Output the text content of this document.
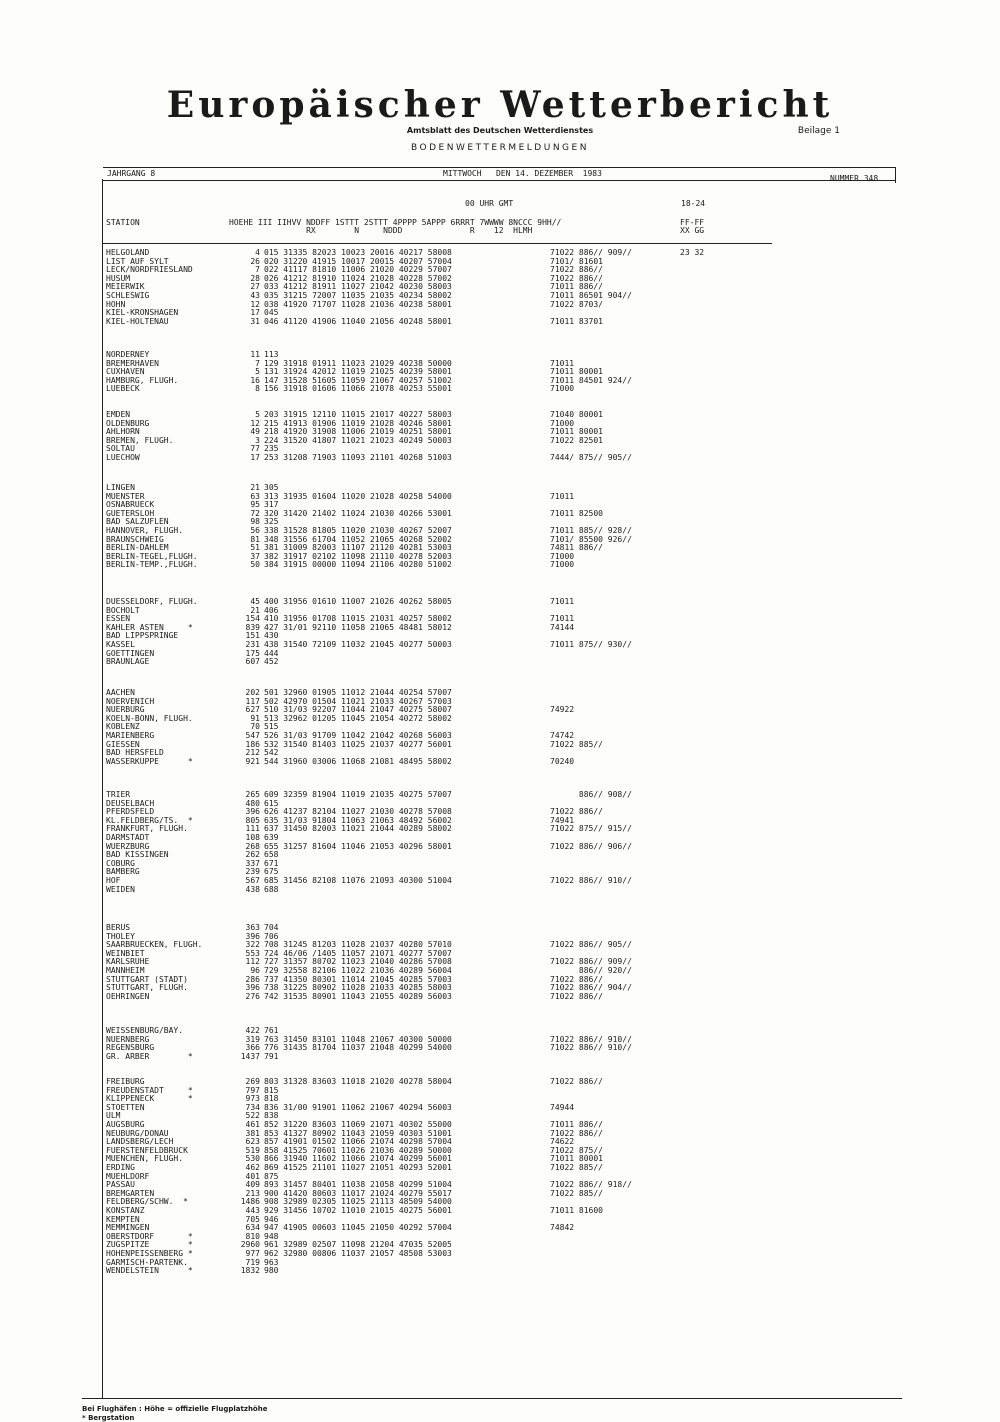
Europäischer Wetterbericht
Amtsblatt des Deutschen Wetterdienstes	Beilage 1
BODENWETTERMELDUNGEN
JAHRGANG 8	MITTWOCH   DEN 14. DEZEMBER  1983
NUMMER 348
00 UHR GMT	18-24
STATION	HOEHE III IIHVV NDDFF 1STTT 2STTT 4PPPP 5APPP 6RRRT 7WWWW 8NCCC 9HH//
RX        N     NDDD              R    12  HLMH
FF-FF
XX GG
HELGOLAND	4 015 31335 82023 10023 20016 40217 58008	71022 886// 909//	23 32
LIST AUF SYLT	26 020 31220 41915 10017 20015 40207 57004	7101/ 81601
LECK/NORDFRIESLAND	7 022 41117 81810 11006 21020 40229 57007	71022 886//
HUSUM	28 026 41212 81910 11024 21028 40228 57002	71022 886//
MEIERWIK	27 033 41212 81911 11027 21042 40230 58003	71011 886//
SCHLESWIG	43 035 31215 72007 11035 21035 40234 58002	71011 86501 904//
HOHN	12 038 41920 71707 11028 21036 40238 58001	71022 8703/
KIEL-KRONSHAGEN	17 045
KIEL-HOLTENAU	31 046 41120 41906 11040 21056 40248 58001	71011 83701
NORDERNEY	11 113
BREMERHAVEN	7 129 31918 01911 11023 21029 40238 50000	71011
CUXHAVEN	5 131 31924 42012 11019 21025 40239 58001	71011 80001
HAMBURG, FLUGH.	16 147 31528 51605 11059 21067 40257 51002	71011 84501 924//
LUEBECK	8 156 31918 01606 11066 21078 40253 55001	71000
EMDEN	5 203 31915 12110 11015 21017 40227 58003	71040 80001
OLDENBURG	12 215 41913 01906 11019 21028 40246 58001	71000
AHLHORN	49 218 41920 31908 11006 21019 40251 58001	71011 80001
BREMEN, FLUGH.	3 224 31520 41807 11021 21023 40249 50003	71022 82501
SOLTAU	77 235
LUECHOW	17 253 31208 71903 11093 21101 40268 51003	7444/ 875// 905//
LINGEN	21 305
MUENSTER	63 313 31935 01604 11020 21028 40258 54000	71011
OSNABRUECK	95 317
GUETERSLOH	72 320 31420 21402 11024 21030 40266 53001	71011 82500
BAD SALZUFLEN	98 325
HANNOVER, FLUGH.	56 338 31528 81805 11020 21030 40267 52007	71011 885// 928//
BRAUNSCHWEIG	81 348 31556 61704 11052 21065 40268 52002	7101/ 85500 926//
BERLIN-DAHLEM	51 381 31009 82003 11107 21120 40281 53003	74811 886//
BERLIN-TEGEL,FLUGH.	37 382 31917 02102 11098 21110 40278 52003	71000
BERLIN-TEMP.,FLUGH.	50 384 31915 00000 11094 21106 40280 51002	71000
DUESSELDORF, FLUGH.	45 400 31956 01610 11007 21026 40262 58005	71011
BOCHOLT	21 406
ESSEN	154 410 31956 01708 11015 21031 40257 58002	71011
KAHLER ASTEN     *	839 427 31/01 92110 11058 21065 48481 58012	74144
BAD LIPPSPRINGE	151 430
KASSEL	231 438 31540 72109 11032 21045 40277 50003	71011 875// 930//
GOETTINGEN	175 444
BRAUNLAGE	607 452
AACHEN	202 501 32960 01905 11012 21044 40254 57007
NOERVENICH	117 502 42970 01504 11021 21033 40267 57003
NUERBURG	627 510 31/03 92207 11044 21047 40275 58007	74922
KOELN-BONN, FLUGH.	91 513 32962 01205 11045 21054 40272 58002
KOBLENZ	70 515
MARIENBERG	547 526 31/03 91709 11042 21042 40268 56003	74742
GIESSEN	186 532 31540 81403 11025 21037 40277 56001	71022 885//
BAD HERSFELD	212 542
WASSERKUPPE      *	921 544 31960 03006 11068 21081 48495 58002	70240
TRIER	265 609 32359 81904 11019 21035 40275 57007	886// 908//
DEUSELBACH	480 615
PFERDSFELD	396 626 41237 82104 11027 21030 40278 57008	71022 886//
KL.FELDBERG/TS.  *	805 635 31/03 91804 11063 21063 48492 56002	74941
FRANKFURT, FLUGH.	111 637 31450 82003 11021 21044 40289 58002	71022 875// 915//
DARMSTADT	108 639
WUERZBURG	268 655 31257 81604 11046 21053 40296 58001	71022 886// 906//
BAD KISSINGEN	262 658
COBURG	337 671
BAMBERG	239 675
HOF	567 685 31456 82108 11076 21093 40300 51004	71022 886// 910//
WEIDEN	438 688
BERUS	363 704
THOLEY	396 706
SAARBRUECKEN, FLUGH.	322 708 31245 81203 11028 21037 40280 57010	71022 886// 905//
WEINBIET	553 724 46/06 /1405 11057 21071 40277 57007
KARLSRUHE	112 727 31357 80702 11023 21040 40286 57008	71022 886// 909//
MANNHEIM	96 729 32558 82106 11022 21036 40289 56004	886// 920//
STUTTGART (STADT)	286 737 41350 80301 11014 21045 40285 57003	71022 886//
STUTTGART, FLUGH.	396 738 31225 80902 11028 21033 40285 58003	71022 886// 904//
OEHRINGEN	276 742 31535 80901 11043 21055 40289 56003	71022 886//
WEISSENBURG/BAY.	422 761
NUERNBERG	319 763 31450 83101 11048 21067 40300 50000	71022 886// 910//
REGENSBURG	366 776 31435 81704 11037 21048 40299 54000	71022 886// 910//
GR. ARBER        *	1437 791
FREIBURG	269 803 31328 83603 11018 21020 40278 58004	71022 886//
FREUDENSTADT     *	797 815
KLIPPENECK       *	973 818
STOETTEN	734 836 31/00 91901 11062 21067 40294 56003	74944
ULM	522 838
AUGSBURG	461 852 31220 83603 11069 21071 40302 55000	71011 886//
NEUBURG/DONAU	381 853 41327 80902 11043 21059 40303 51001	71022 886//
LANDSBERG/LECH	623 857 41901 01502 11066 21074 40298 57004	74622
FUERSTENFELDBRUCK	519 858 41525 70601 11026 21036 40289 50000	71022 875//
MUENCHEN, FLUGH.	530 866 31940 11602 11066 21074 40299 56001	71011 80001
ERDING	462 869 41525 21101 11027 21051 40293 52001	71022 885//
MUEHLDORF	401 875
PASSAU	409 893 31457 80401 11038 21058 40299 51004	71022 886// 918//
BREMGARTEN	213 900 41420 80603 11017 21024 40279 55017	71022 885//
FELDBERG/SCHW.  *	1486 908 32989 02305 11025 21113 48509 54000
KONSTANZ	443 929 31456 10702 11010 21015 40275 56001	71011 81600
KEMPTEN	705 946
MEMMINGEN	634 947 41905 00603 11045 21050 40292 57004	74842
OBERSTDORF       *	810 948
ZUGSPITZE        *	2960 961 32989 02507 11098 21204 47035 52005
HOHENPEISSENBERG *	977 962 32980 00806 11037 21057 48508 53003
GARMISCH-PARTENK.	719 963
WENDELSTEIN      *	1832 980
Bei Flughäfen : Höhe = offizielle Flugplatzhöhe
* Bergstation
